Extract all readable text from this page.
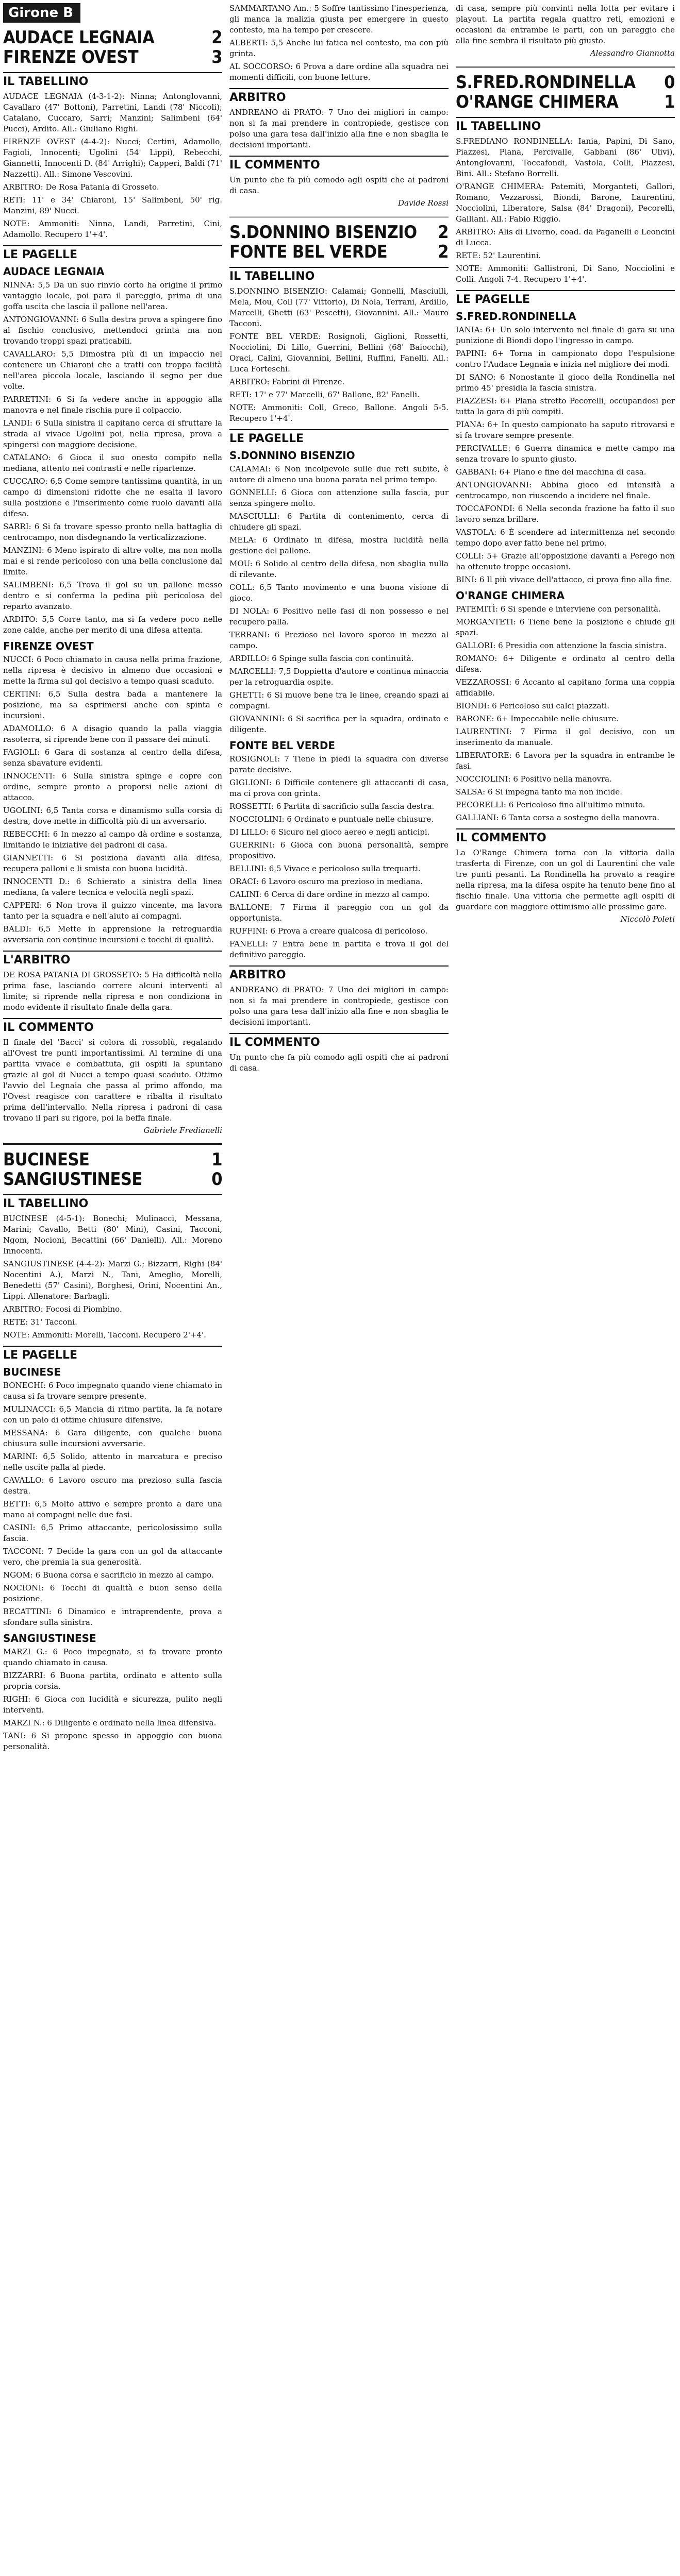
Girone B
AUDACE LEGNAIA	2
FIRENZE OVEST	3
IL TABELLINO

AUDACE LEGNAIA (4-3-1-2): Ninna; Antonglovanni, Cavallaro (47' Bottoni), Parretini, Landi (78' Niccoli); Catalano, Cuccaro, Sarri; Manzini; Salimbeni (64' Pucci), Ardito. All.: Giuliano Righi.

FIRENZE OVEST (4-4-2): Nucci; Certini, Adamollo, Fagioli, Innocenti; Ugolini (54' Lippi), Rebecchi, Giannetti, Innocenti D. (84' Arrighi); Capperi, Baldi (71' Nazzetti). All.: Simone Vescovini.

ARBITRO: De Rosa Patania di Grosseto.

RETI: 11' e 34' Chiaroni, 15' Salimbeni, 50' rig. Manzini, 89' Nucci.

NOTE: Ammoniti: Ninna, Landi, Parretini, Cini, Adamollo. Recupero 1'+4'.

LE PAGELLE
AUDACE LEGNAIA

NINNA: 5,5 Da un suo rinvio corto ha origine il primo vantaggio locale, poi para il pareggio, prima di una goffa uscita che lascia il pallone nell'area.

ANTONGIOVANNI: 6 Sulla destra prova a spingere fino al fischio conclusivo, mettendoci grinta ma non trovando troppi spazi praticabili.

CAVALLARO: 5,5 Dimostra più di un impaccio nel contenere un Chiaroni che a tratti con troppa facilità nell'area piccola locale, lasciando il segno per due volte.

PARRETINI: 6 Si fa vedere anche in appoggio alla manovra e nel finale rischia pure il colpaccio.

LANDI: 6 Sulla sinistra il capitano cerca di sfruttare la strada al vivace Ugolini poi, nella ripresa, prova a spingersi con maggiore decisione.

CATALANO: 6 Gioca il suo onesto compito nella mediana, attento nei contrasti e nelle ripartenze.

CUCCARO: 6,5 Come sempre tantissima quantità, in un campo di dimensioni ridotte che ne esalta il lavoro sulla posizione e l'inserimento come ruolo davanti alla difesa.

SARRI: 6 Si fa trovare spesso pronto nella battaglia di centrocampo, non disdegnando la verticalizzazione.

MANZINI: 6 Meno ispirato di altre volte, ma non molla mai e si rende pericoloso con una bella conclusione dal limite.

SALIMBENI: 6,5 Trova il gol su un pallone messo dentro e si conferma la pedina più pericolosa del reparto avanzato.

ARDITO: 5,5 Corre tanto, ma si fa vedere poco nelle zone calde, anche per merito di una difesa attenta.

FIRENZE OVEST

NUCCI: 6 Poco chiamato in causa nella prima frazione, nella ripresa è decisivo in almeno due occasioni e mette la firma sul gol decisivo a tempo quasi scaduto.

CERTINI: 6,5 Sulla destra bada a mantenere la posizione, ma sa esprimersi anche con spinta e incursioni.

ADAMOLLO: 6 A disagio quando la palla viaggia rasoterra, si riprende bene con il passare dei minuti.

FAGIOLI: 6 Gara di sostanza al centro della difesa, senza sbavature evidenti.

INNOCENTI: 6 Sulla sinistra spinge e copre con ordine, sempre pronto a proporsi nelle azioni di attacco.

UGOLINI: 6,5 Tanta corsa e dinamismo sulla corsia di destra, dove mette in difficoltà più di un avversario.

REBECCHI: 6 In mezzo al campo dà ordine e sostanza, limitando le iniziative dei padroni di casa.

GIANNETTI: 6 Si posiziona davanti alla difesa, recupera palloni e li smista con buona lucidità.

INNOCENTI D.: 6 Schierato a sinistra della linea mediana, fa valere tecnica e velocità negli spazi.

CAPPERI: 6 Non trova il guizzo vincente, ma lavora tanto per la squadra e nell'aiuto ai compagni.

BALDI: 6,5 Mette in apprensione la retroguardia avversaria con continue incursioni e tocchi di qualità.

L'ARBITRO

DE ROSA PATANIA DI GROSSETO: 5 Ha difficoltà nella prima fase, lasciando correre alcuni interventi al limite; si riprende nella ripresa e non condiziona in modo evidente il risultato finale della gara.

IL COMMENTO

Il finale del 'Bacci' si colora di rossoblù, regalando all'Ovest tre punti importantissimi. Al termine di una partita vivace e combattuta, gli ospiti la spuntano grazie al gol di Nucci a tempo quasi scaduto. Ottimo l'avvio del Legnaia che passa al primo affondo, ma l'Ovest reagisce con carattere e ribalta il risultato prima dell'intervallo. Nella ripresa i padroni di casa trovano il pari su rigore, poi la beffa finale.

Gabriele Fredianelli
BUCINESE	1
SANGIUSTINESE	0
IL TABELLINO

BUCINESE (4-5-1): Bonechi; Mulinacci, Messana, Marini; Cavallo, Betti (80' Mini), Casini, Tacconi, Ngom, Nocioni, Becattini (66' Danielli). All.: Moreno Innocenti.

SANGIUSTINESE (4-4-2): Marzi G.; Bizzarri, Righi (84' Nocentini A.), Marzi N., Tani, Ameglio, Morelli, Benedetti (57' Casini), Borghesi, Orini, Nocentini An., Lippi. Allenatore: Barbagli.

ARBITRO: Focosi di Piombino.

RETE: 31' Tacconi.

NOTE: Ammoniti: Morelli, Tacconi. Recupero 2'+4'.

LE PAGELLE
BUCINESE

BONECHI: 6 Poco impegnato quando viene chiamato in causa si fa trovare sempre presente.

MULINACCI: 6,5 Mancia di ritmo partita, la fa notare con un paio di ottime chiusure difensive.

MESSANA: 6 Gara diligente, con qualche buona chiusura sulle incursioni avversarie.

MARINI: 6,5 Solido, attento in marcatura e preciso nelle uscite palla al piede.

CAVALLO: 6 Lavoro oscuro ma prezioso sulla fascia destra.

BETTI: 6,5 Molto attivo e sempre pronto a dare una mano ai compagni nelle due fasi.

CASINI: 6,5 Primo attaccante, pericolosissimo sulla fascia.

TACCONI: 7 Decide la gara con un gol da attaccante vero, che premia la sua generosità.

NGOM: 6 Buona corsa e sacrificio in mezzo al campo.

NOCIONI: 6 Tocchi di qualità e buon senso della posizione.

BECATTINI: 6 Dinamico e intraprendente, prova a sfondare sulla sinistra.

SANGIUSTINESE

MARZI G.: 6 Poco impegnato, si fa trovare pronto quando chiamato in causa.

BIZZARRI: 6 Buona partita, ordinato e attento sulla propria corsia.

RIGHI: 6 Gioca con lucidità e sicurezza, pulito negli interventi.

MARZI N.: 6 Diligente e ordinato nella linea difensiva.

TANI: 6 Si propone spesso in appoggio con buona personalità.

SAMMARTANO Am.: 5 Soffre tantissimo l'inesperienza, gli manca la malizia giusta per emergere in questo contesto, ma ha tempo per crescere.

ALBERTI: 5,5 Anche lui fatica nel contesto, ma con più grinta.

AL SOCCORSO: 6 Prova a dare ordine alla squadra nei momenti difficili, con buone letture.

ARBITRO

ANDREANO di PRATO: 7 Uno dei migliori in campo: non si fa mai prendere in contropiede, gestisce con polso una gara tesa dall'inizio alla fine e non sbaglia le decisioni importanti.

IL COMMENTO

Un punto che fa più comodo agli ospiti che ai padroni di casa.

Davide Rossi
S.DONNINO BISENZIO 2
FONTE BEL VERDE	2
IL TABELLINO

S.DONNINO BISENZIO: Calamai; Gonnelli, Masciulli, Mela, Mou, Coll (77' Vittorio), Di Nola, Terrani, Ardillo, Marcelli, Ghetti (63' Pescetti), Giovannini. All.: Mauro Tacconi.

FONTE BEL VERDE: Rosignoli, Giglioni, Rossetti, Nocciolini, Di Lillo, Guerrini, Bellini (68' Baiocchi), Oraci, Calini, Giovannini, Bellini, Ruffini, Fanelli. All.: Luca Forteschi.

ARBITRO: Fabrini di Firenze.

RETI: 17' e 77' Marcelli, 67' Ballone, 82' Fanelli.

NOTE: Ammoniti: Coll, Greco, Ballone. Angoli 5-5. Recupero 1'+4'.

LE PAGELLE
S.DONNINO BISENZIO

CALAMAI: 6 Non incolpevole sulle due reti subite, è autore di almeno una buona parata nel primo tempo.

GONNELLI: 6 Gioca con attenzione sulla fascia, pur senza spingere molto.

MASCIULLI: 6 Partita di contenimento, cerca di chiudere gli spazi.

MELA: 6 Ordinato in difesa, mostra lucidità nella gestione del pallone.

MOU: 6 Solido al centro della difesa, non sbaglia nulla di rilevante.

COLL: 6,5 Tanto movimento e una buona visione di gioco.

DI NOLA: 6 Positivo nelle fasi di non possesso e nel recupero palla.

TERRANI: 6 Prezioso nel lavoro sporco in mezzo al campo.

ARDILLO: 6 Spinge sulla fascia con continuità.

MARCELLI: 7,5 Doppietta d'autore e continua minaccia per la retroguardia ospite.

GHETTI: 6 Si muove bene tra le linee, creando spazi ai compagni.

GIOVANNINI: 6 Si sacrifica per la squadra, ordinato e diligente.

FONTE BEL VERDE

ROSIGNOLI: 7 Tiene in piedi la squadra con diverse parate decisive.

GIGLIONI: 6 Difficile contenere gli attaccanti di casa, ma ci prova con grinta.

ROSSETTI: 6 Partita di sacrificio sulla fascia destra.

NOCCIOLINI: 6 Ordinato e puntuale nelle chiusure.

DI LILLO: 6 Sicuro nel gioco aereo e negli anticipi.

GUERRINI: 6 Gioca con buona personalità, sempre propositivo.

BELLINI: 6,5 Vivace e pericoloso sulla trequarti.

ORACI: 6 Lavoro oscuro ma prezioso in mediana.

CALINI: 6 Cerca di dare ordine in mezzo al campo.

BALLONE: 7 Firma il pareggio con un gol da opportunista.

RUFFINI: 6 Prova a creare qualcosa di pericoloso.

FANELLI: 7 Entra bene in partita e trova il gol del definitivo pareggio.

ARBITRO

ANDREANO di PRATO: 7 Uno dei migliori in campo: non si fa mai prendere in contropiede, gestisce con polso una gara tesa dall'inizio alla fine e non sbaglia le decisioni importanti.

IL COMMENTO

Un punto che fa più comodo agli ospiti che ai padroni di casa.

di casa, sempre più convinti nella lotta per evitare i playout. La partita regala quattro reti, emozioni e occasioni da entrambe le parti, con un pareggio che alla fine sembra il risultato più giusto.

Alessandro Giannotta
S.FRED.RONDINELLA 0
O'RANGE CHIMERA	1
IL TABELLINO

S.FREDIANO RONDINELLA: Iania, Papini, Di Sano, Piazzesi, Piana, Percivalle, Gabbani (86' Ulivi), Antonglovanni, Toccafondi, Vastola, Colli, Piazzesi, Bini. All.: Stefano Borrelli.

O'RANGE CHIMERA: Patemitì, Morganteti, Gallori, Romano, Vezzarossi, Biondi, Barone, Laurentini, Nocciolini, Liberatore, Salsa (84' Dragoni), Pecorelli, Galliani. All.: Fabio Riggio.

ARBITRO: Alis di Livorno, coad. da Paganelli e Leoncini di Lucca.

RETE: 52' Laurentini.

NOTE: Ammoniti: Gallistroni, Di Sano, Nocciolini e Colli. Angoli 7-4. Recupero 1'+4'.

LE PAGELLE
S.FRED.RONDINELLA

IANIA: 6+ Un solo intervento nel finale di gara su una punizione di Biondi dopo l'ingresso in campo.

PAPINI: 6+ Torna in campionato dopo l'espulsione contro l'Audace Legnaia e inizia nel migliore dei modi.

DI SANO: 6 Nonostante il gioco della Rondinella nel primo 45' presidia la fascia sinistra.

PIAZZESI: 6+ Plana stretto Pecorelli, occupandosi per tutta la gara di più compiti.

PIANA: 6+ In questo campionato ha saputo ritrovarsi e si fa trovare sempre presente.

PERCIVALLE: 6 Guerra dinamica e mette campo ma senza trovare lo spunto giusto.

GABBANI: 6+ Piano e fine del macchina di casa.

ANTONGIOVANNI: Abbina gioco ed intensità a centrocampo, non riuscendo a incidere nel finale.

TOCCAFONDI: 6 Nella seconda frazione ha fatto il suo lavoro senza brillare.

VASTOLA: 6 È scendere ad intermittenza nel secondo tempo dopo aver fatto bene nel primo.

COLLI: 5+ Grazie all'opposizione davanti a Perego non ha ottenuto troppe occasioni.

BINI: 6 Il più vivace dell'attacco, ci prova fino alla fine.

O'RANGE CHIMERA

PATEMITÌ: 6 Si spende e interviene con personalità.

MORGANTETI: 6 Tiene bene la posizione e chiude gli spazi.

GALLORI: 6 Presidia con attenzione la fascia sinistra.

ROMANO: 6+ Diligente e ordinato al centro della difesa.

VEZZAROSSI: 6 Accanto al capitano forma una coppia affidabile.

BIONDI: 6 Pericoloso sui calci piazzati.

BARONE: 6+ Impeccabile nelle chiusure.

LAURENTINI: 7 Firma il gol decisivo, con un inserimento da manuale.

LIBERATORE: 6 Lavora per la squadra in entrambe le fasi.

NOCCIOLINI: 6 Positivo nella manovra.

SALSA: 6 Si impegna tanto ma non incide.

PECORELLI: 6 Pericoloso fino all'ultimo minuto.

GALLIANI: 6 Tanta corsa a sostegno della manovra.

IL COMMENTO

La O'Range Chimera torna con la vittoria dalla trasferta di Firenze, con un gol di Laurentini che vale tre punti pesanti. La Rondinella ha provato a reagire nella ripresa, ma la difesa ospite ha tenuto bene fino al fischio finale. Una vittoria che permette agli ospiti di guardare con maggiore ottimismo alle prossime gare.

Niccolò Poleti
